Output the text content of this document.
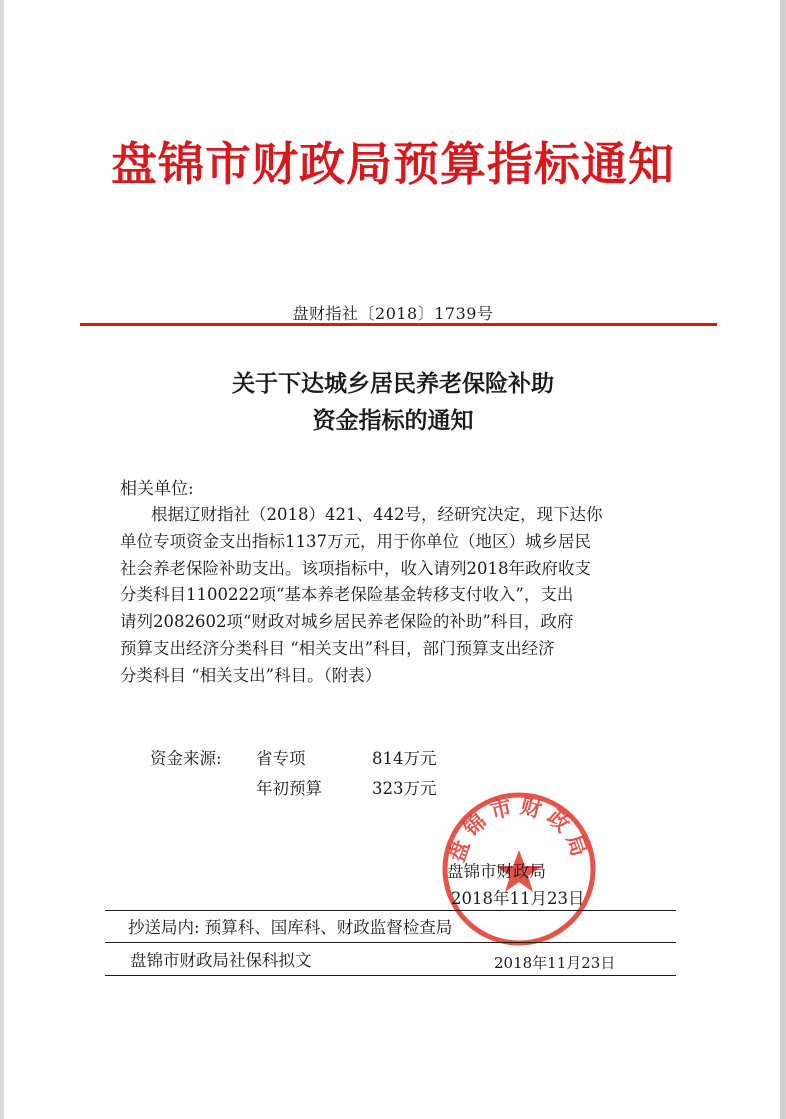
盘锦市财政局预算指标通知
盘财指社〔2018〕1739号
关于下达城乡居民养老保险补助
资金指标的通知
相关单位:
根据辽财指社（2018）421、442号，经研究决定，现下达你
单位专项资金支出指标1137万元，用于你单位（地区）城乡居民
社会养老保险补助支出。该项指标中，收入请列2018年政府收支
分类科目1100222项“基本养老保险基金转移支付收入”，支出
请列2082602项“财政对城乡居民养老保险的补助”科目，政府
预算支出经济分类科目 “相关支出”科目，部门预算支出经济
分类科目 “相关支出”科目。（附表）
资金来源: 省专项	814万元
年初预算	323万元
盘锦市财政局
盘锦市财政局
2018年11月23日
抄送局内: 预算科、国库科、财政监督检查局
盘锦市财政局社保科拟文	2018年11月23日
